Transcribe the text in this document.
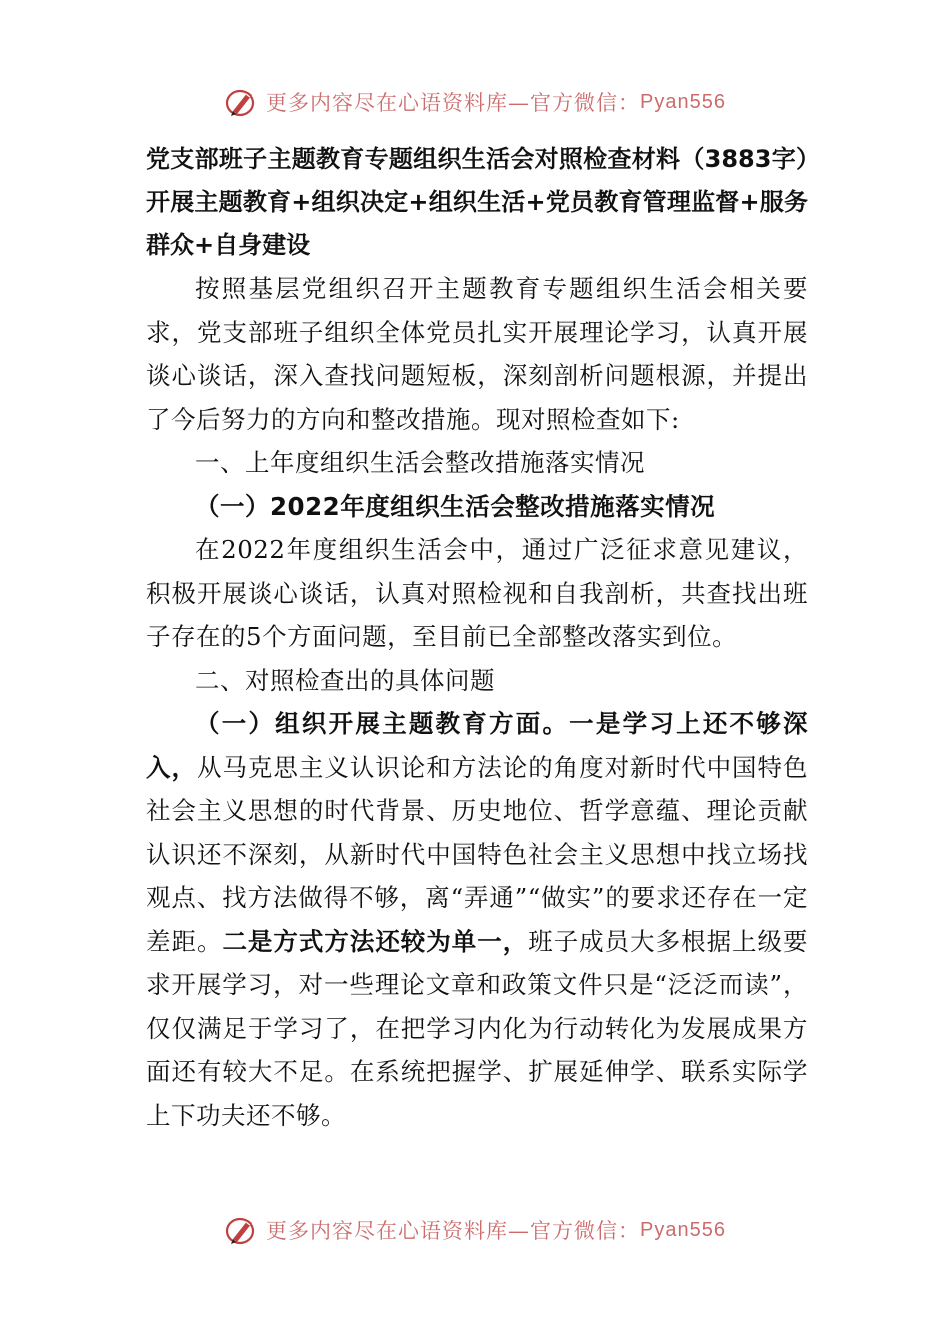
更多内容尽在心语资料库—官方微信： Pyan556
党支部班子主题教育专题组织生活会对照检查材料（3883字）开展主题教育+组织决定+组织生活+党员教育管理监督+服务群众+自身建设

按照基层党组织召开主题教育专题组织生活会相关要求，党支部班子组织全体党员扎实开展理论学习，认真开展谈心谈话，深入查找问题短板，深刻剖析问题根源，并提出了今后努力的方向和整改措施。现对照检查如下:

一、上年度组织生活会整改措施落实情况

（一）2022年度组织生活会整改措施落实情况

在2022年度组织生活会中，通过广泛征求意见建议，积极开展谈心谈话，认真对照检视和自我剖析，共查找出班子存在的5个方面问题，至目前已全部整改落实到位。

二、对照检查出的具体问题

（一）组织开展主题教育方面。一是学习上还不够深入，从马克思主义认识论和方法论的角度对新时代中国特色社会主义思想的时代背景、历史地位、哲学意蕴、理论贡献认识还不深刻，从新时代中国特色社会主义思想中找立场找观点、找方法做得不够，离“弄通”“做实”的要求还存在一定差距。二是方式方法还较为单一，班子成员大多根据上级要求开展学习，对一些理论文章和政策文件只是“泛泛而读”，仅仅满足于学习了，在把学习内化为行动转化为发展成果方面还有较大不足。在系统把握学、扩展延伸学、联系实际学上下功夫还不够。

更多内容尽在心语资料库—官方微信： Pyan556
